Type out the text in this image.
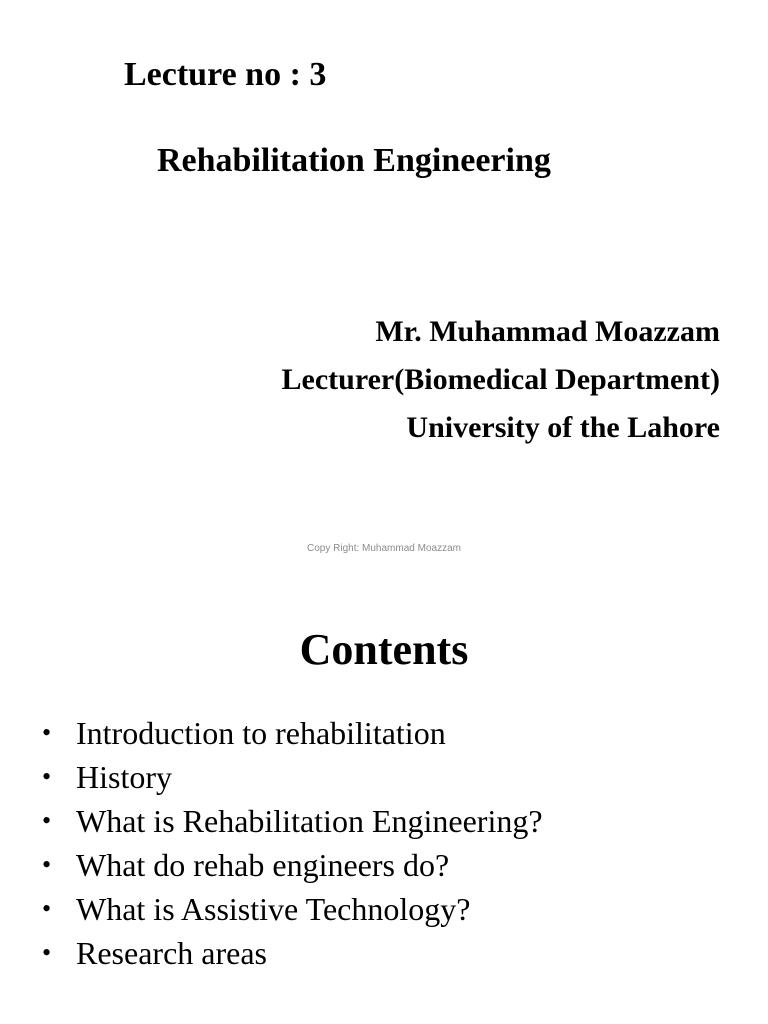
Lecture no : 3
Rehabilitation Engineering
Mr. Muhammad Moazzam
Lecturer(Biomedical Department)
University of the Lahore
Copy Right: Muhammad Moazzam
Contents
• Introduction to rehabilitation
• History
• What is Rehabilitation Engineering?
• What do rehab engineers do?
• What is Assistive Technology?
• Research areas
